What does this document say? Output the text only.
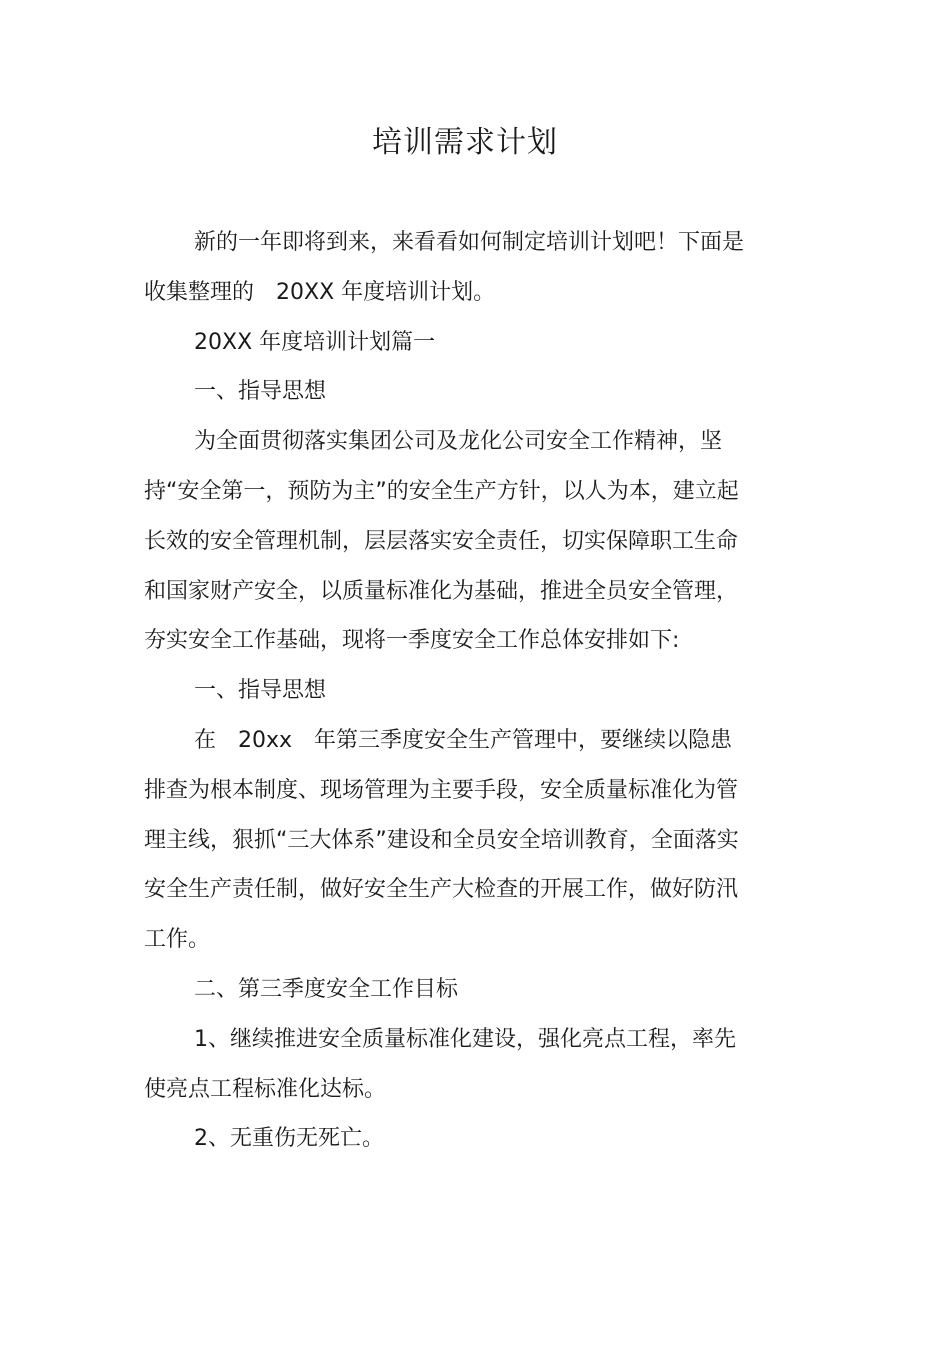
培训需求计划

新的一年即将到来，来看看如何制定培训计划吧！下面是收集整理的　20XX 年度培训计划。

20XX 年度培训计划篇一

一、指导思想

为全面贯彻落实集团公司及龙化公司安全工作精神，坚持“安全第一，预防为主”的安全生产方针，以人为本，建立起长效的安全管理机制，层层落实安全责任，切实保障职工生命和国家财产安全，以质量标准化为基础，推进全员安全管理，夯实安全工作基础，现将一季度安全工作总体安排如下:

一、指导思想

在　20xx　年第三季度安全生产管理中，要继续以隐患排查为根本制度、现场管理为主要手段，安全质量标准化为管理主线，狠抓“三大体系”建设和全员安全培训教育，全面落实安全生产责任制，做好安全生产大检查的开展工作，做好防汛工作。

二、第三季度安全工作目标

1、继续推进安全质量标准化建设，强化亮点工程，率先使亮点工程标准化达标。

2、无重伤无死亡。
